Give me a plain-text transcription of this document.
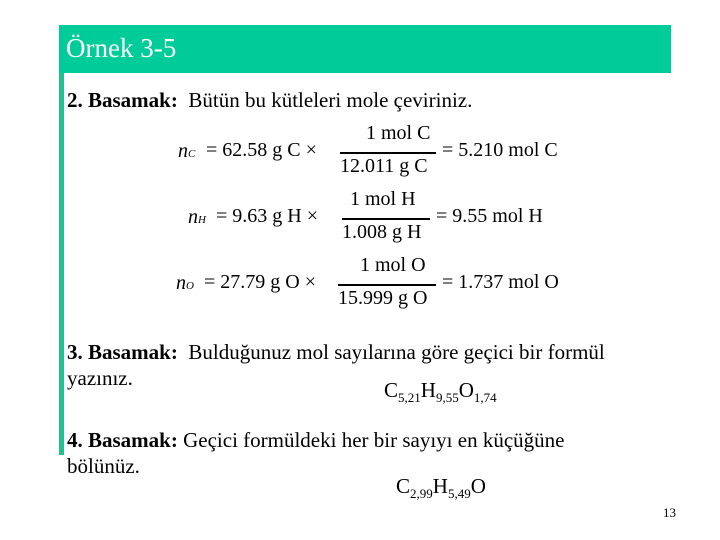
Örnek 3-5
2. Basamak: Bütün bu kütleleri mole çeviriniz.
nC = 62.58 g C ×
1 mol C
12.011 g C
= 5.210 mol C
nH = 9.63 g H ×
1 mol H
1.008 g H
= 9.55 mol H
nO = 27.79 g O ×
1 mol O
15.999 g O
= 1.737 mol O
3. Basamak: Bulduğunuz mol sayılarına göre geçici bir formül
yazınız.	$C_{5,21}H_{9,55}O_{1,74}$
4. Basamak: Geçici formüldeki her bir sayıyı en küçüğüne
bölünüz.
$C_{2,99}H_{5,49}O$
13
